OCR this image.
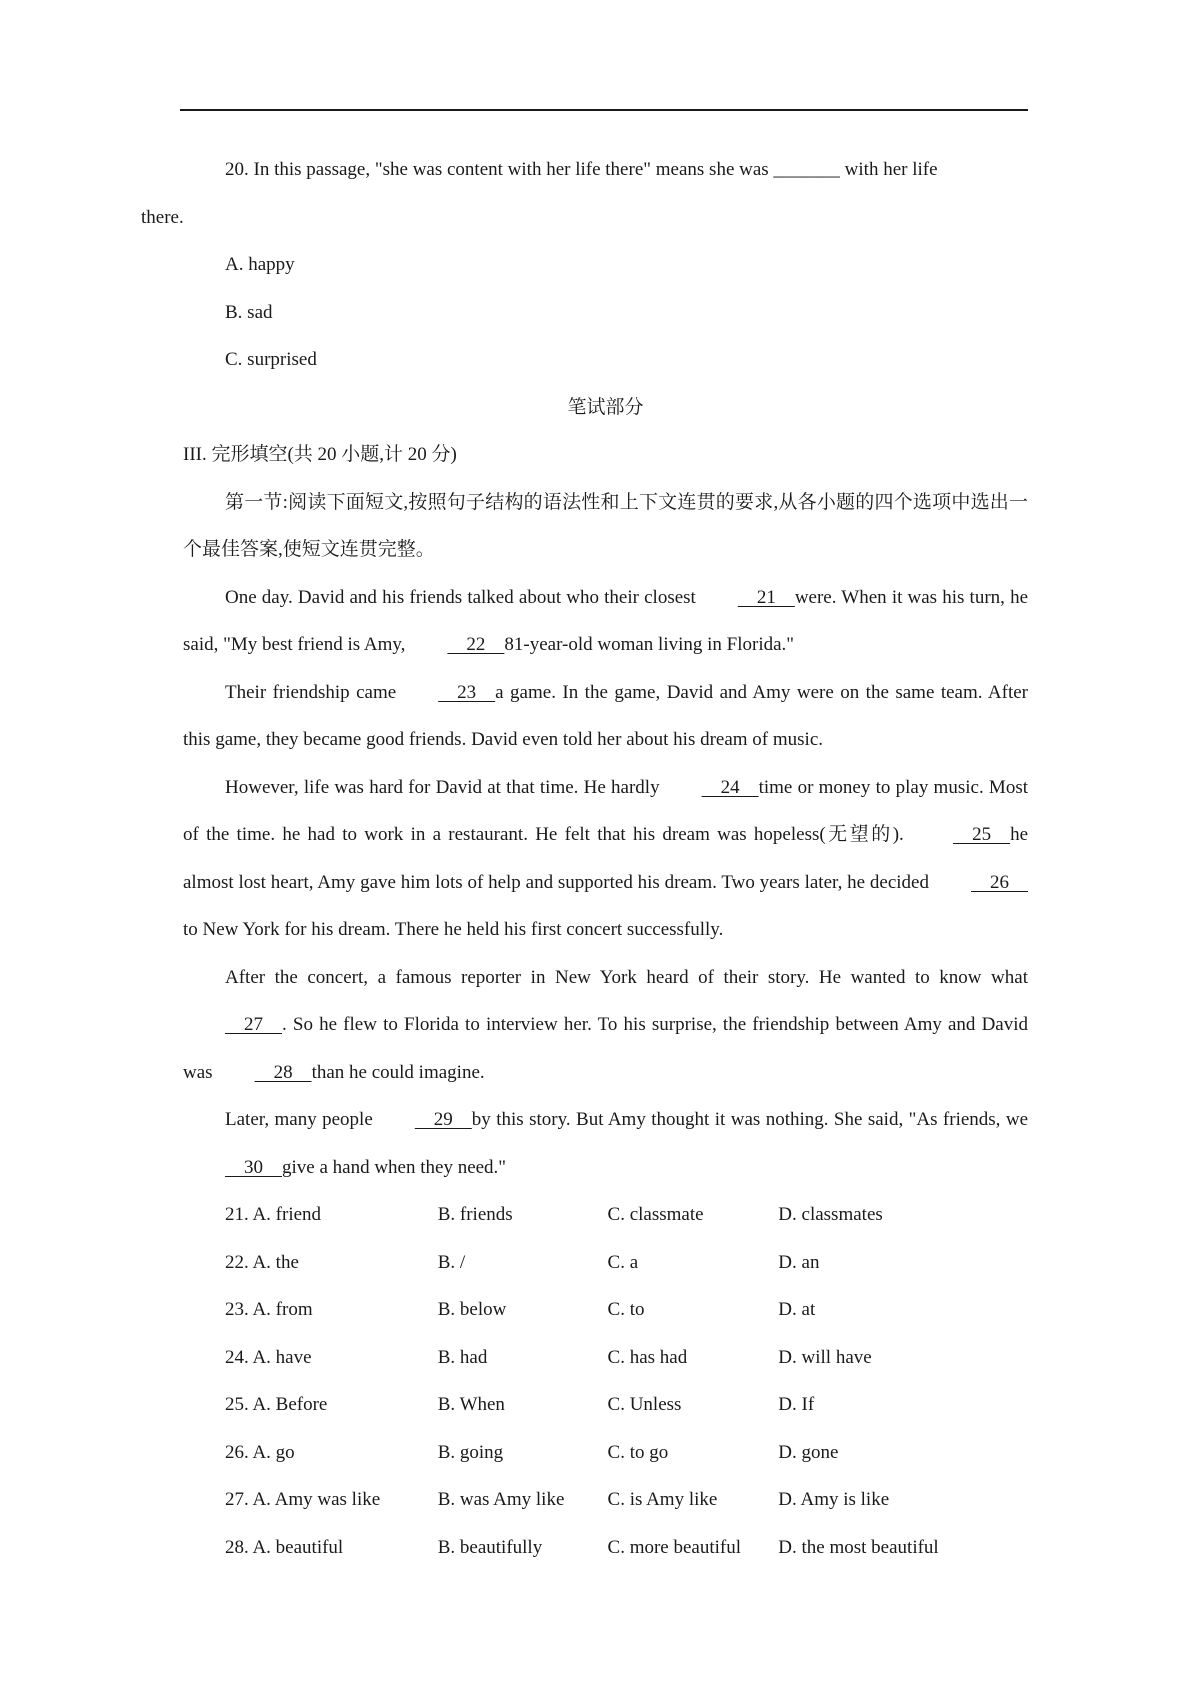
20. In this passage, "she was content with her life there" means she was _______ with her life
there.

A. happy

B. sad

C. surprised

笔试部分

III. 完形填空(共 20 小题,计 20 分)

第一节:阅读下面短文,按照句子结构的语法性和上下文连贯的要求,从各小题的四个选项中选出一个最佳答案,使短文连贯完整。

One day. David and his friends talked about who their closest    21    were. When it was his turn, he said, "My best friend is Amy,    22    81-year-old woman living in Florida."

Their friendship came    23    a game. In the game, David and Amy were on the same team. After this game, they became good friends. David even told her about his dream of music.

However, life was hard for David at that time. He hardly    24    time or money to play music. Most of the time. he had to work in a restaurant. He felt that his dream was hopeless(无望的).	25    he almost lost heart, Amy gave him lots of help and supported his dream. Two years later, he decided    26    to New York for his dream. There he held his first concert successfully.

After the concert, a famous reporter in New York heard of their story. He wanted to know what     27    . So he flew to Florida to interview her. To his surprise, the friendship between Amy and David was    28    than he could imagine.

Later, many people    29    by this story. But Amy thought it was nothing. She said, "As friends, we    30    give a hand when they need."

21. A. friend	B. friends	C. classmate	D. classmates
22. A. the	B. /	C. a	D. an
23. A. from	B. below	C. to	D. at
24. A. have	B. had	C. has had	D. will have
25. A. Before	B. When	C. Unless	D. If
26. A. go	B. going	C. to go	D. gone
27. A. Amy was like	B. was Amy like	C. is Amy like	D. Amy is like
28. A. beautiful	B. beautifully	C. more beautiful	D. the most beautiful
